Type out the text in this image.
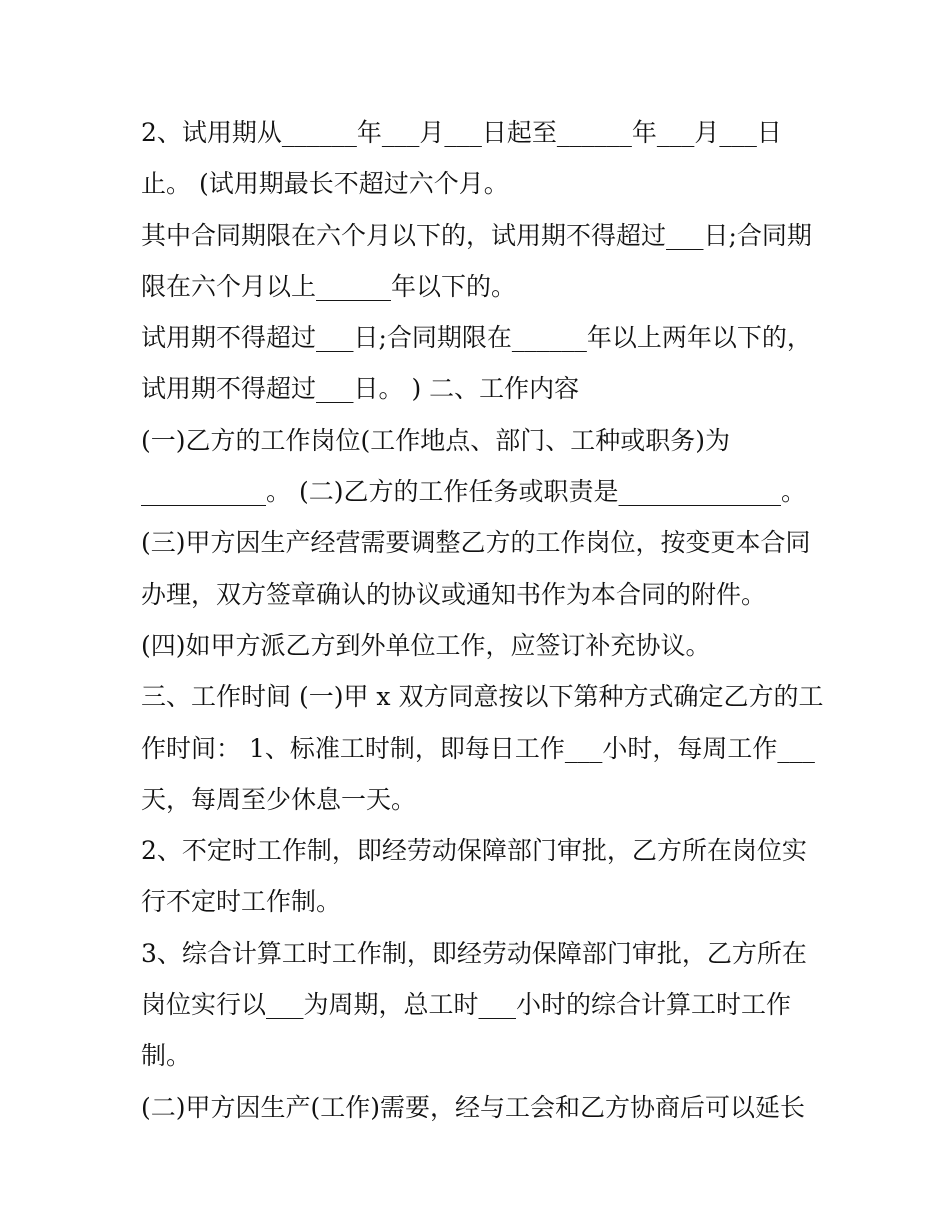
2、试用期从______年___月___日起至______年___月___日
止。 (试用期最长不超过六个月。
其中合同期限在六个月以下的，试用期不得超过___日;合同期
限在六个月以上______年以下的。
试用期不得超过___日;合同期限在______年以上两年以下的，
试用期不得超过___日。 ) 二、工作内容
(一)乙方的工作岗位(工作地点、部门、工种或职务)为
__________。 (二)乙方的工作任务或职责是_____________。
(三)甲方因生产经营需要调整乙方的工作岗位，按变更本合同
办理，双方签章确认的协议或通知书作为本合同的附件。
(四)如甲方派乙方到外单位工作，应签订补充协议。
三、工作时间 (一)甲 x 双方同意按以下第种方式确定乙方的工
作时间： 1、标准工时制，即每日工作___小时，每周工作___
天，每周至少休息一天。
2、不定时工作制，即经劳动保障部门审批，乙方所在岗位实
行不定时工作制。
3、综合计算工时工作制，即经劳动保障部门审批，乙方所在
岗位实行以___为周期，总工时___小时的综合计算工时工作
制。
(二)甲方因生产(工作)需要，经与工会和乙方协商后可以延长
